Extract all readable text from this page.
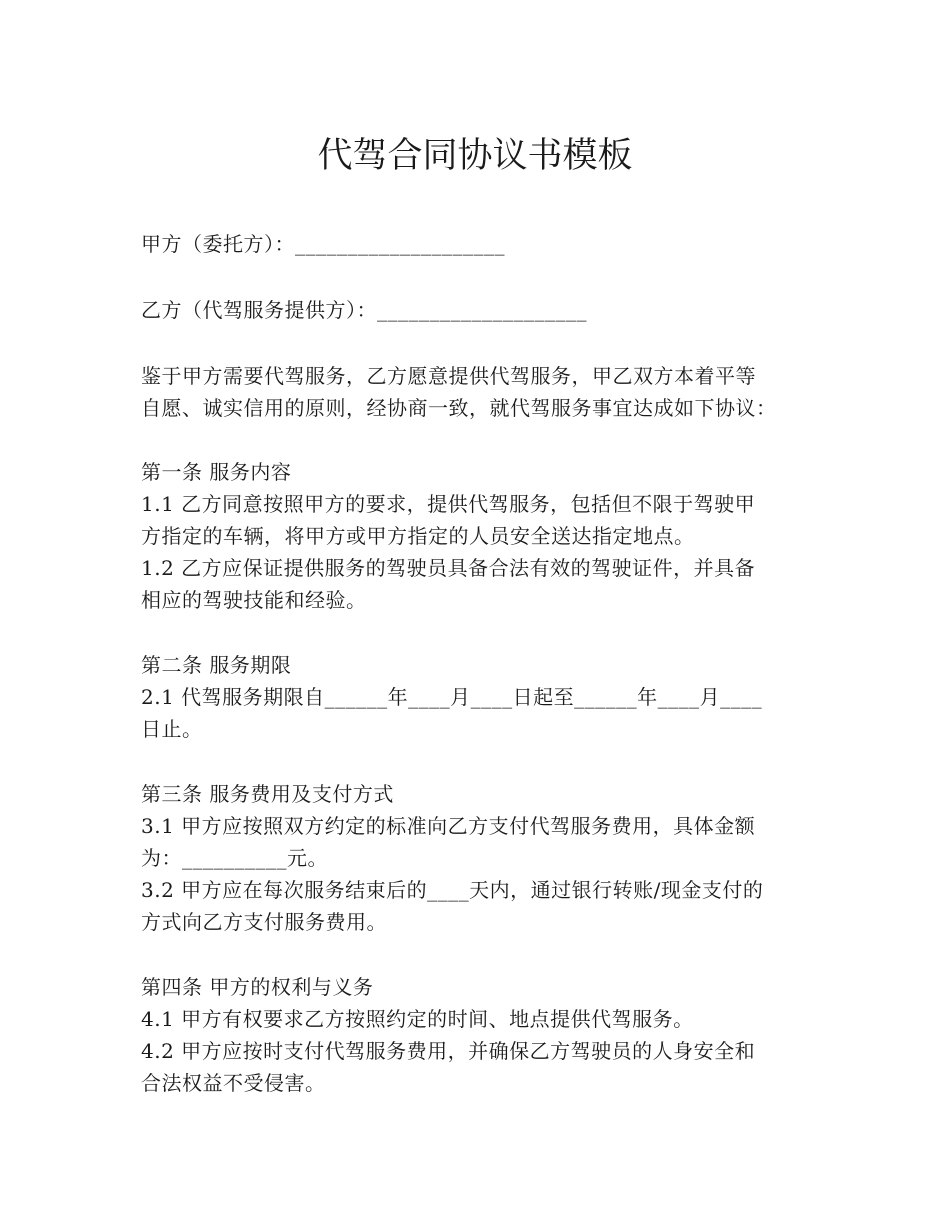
代驾合同协议书模板
甲方（委托方）：____________________
乙方（代驾服务提供方）：____________________
鉴于甲方需要代驾服务，乙方愿意提供代驾服务，甲乙双方本着平等
自愿、诚实信用的原则，经协商一致，就代驾服务事宜达成如下协议：
第一条 服务内容
1.1 乙方同意按照甲方的要求，提供代驾服务，包括但不限于驾驶甲
方指定的车辆，将甲方或甲方指定的人员安全送达指定地点。
1.2 乙方应保证提供服务的驾驶员具备合法有效的驾驶证件，并具备
相应的驾驶技能和经验。
第二条 服务期限
2.1 代驾服务期限自______年____月____日起至______年____月____
日止。
第三条 服务费用及支付方式
3.1 甲方应按照双方约定的标准向乙方支付代驾服务费用，具体金额
为：__________元。
3.2 甲方应在每次服务结束后的____天内，通过银行转账/现金支付的
方式向乙方支付服务费用。
第四条 甲方的权利与义务
4.1 甲方有权要求乙方按照约定的时间、地点提供代驾服务。
4.2 甲方应按时支付代驾服务费用，并确保乙方驾驶员的人身安全和
合法权益不受侵害。
